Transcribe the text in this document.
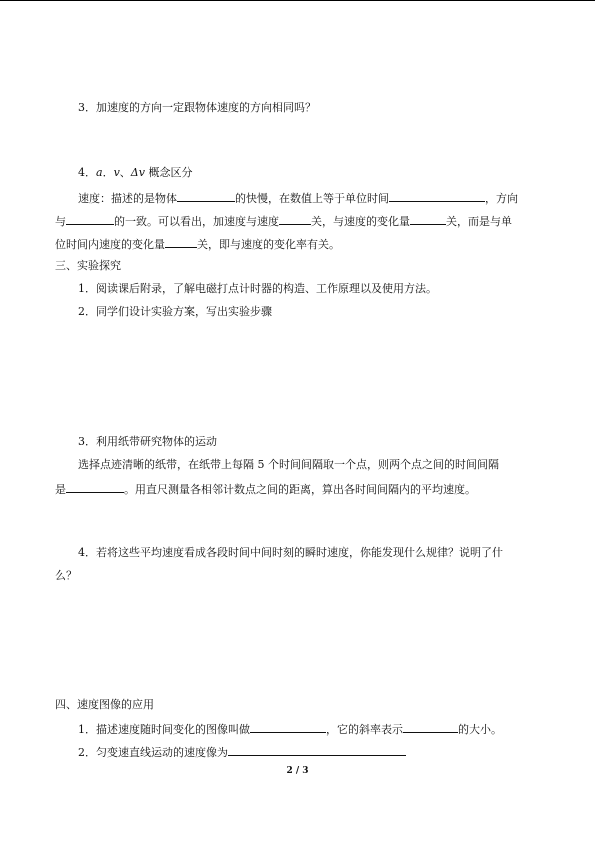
3．加速度的方向一定跟物体速度的方向相同吗？
4．a．v、Δv 概念区分
速度：描述的是物体	的快慢，在数值上等于单位时间	，方向
与	的一致。可以看出，加速度与速度	关，与速度的变化量	关，而是与单
位时间内速度的变化量	关，即与速度的变化率有关。
三、实验探究
1．阅读课后附录，了解电磁打点计时器的构造、工作原理以及使用方法。
2．同学们设计实验方案，写出实验步骤
3．利用纸带研究物体的运动
选择点迹清晰的纸带，在纸带上每隔 5 个时间间隔取一个点，则两个点之间的时间间隔
是	。用直尺测量各相邻计数点之间的距离，算出各时间间隔内的平均速度。
4．若将这些平均速度看成各段时间中间时刻的瞬时速度，你能发现什么规律？说明了什
么？
四、速度图像的应用
1．描述速度随时间变化的图像叫做	，它的斜率表示	的大小。
2．匀变速直线运动的速度像为
2 / 3
